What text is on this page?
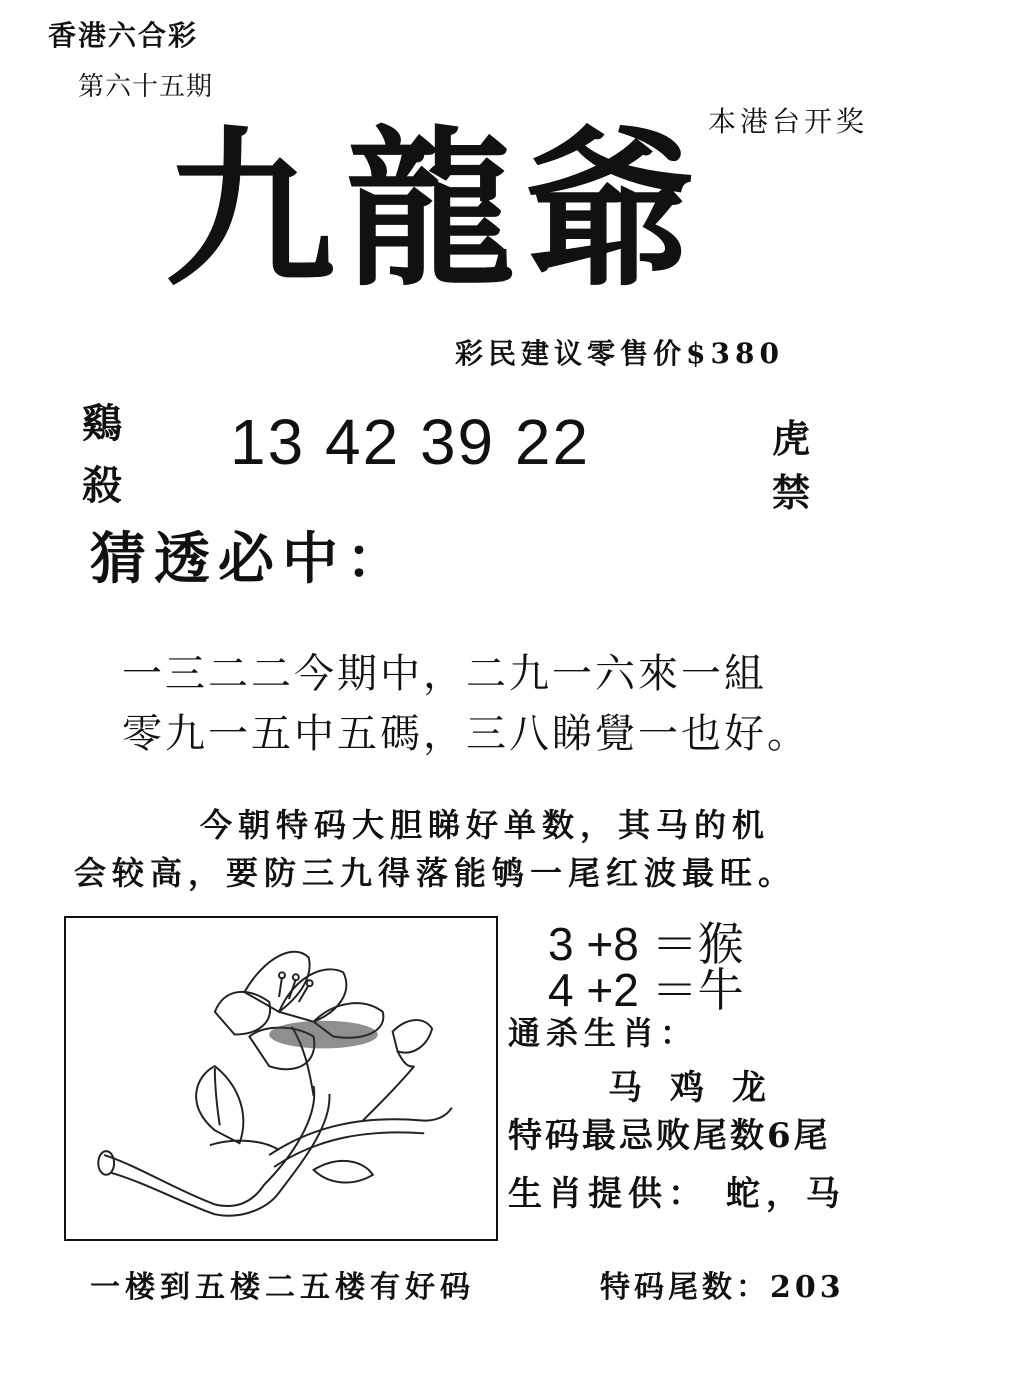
香港六合彩
第六十五期
本港台开奖
九龍爺
彩民建议零售价$380
鷄
殺
13 42 39 22	虎
禁
猜透必中：
一三二二今期中，二九一六來一組
零九一五中五碼，三八睇覺一也好。
今朝特码大胆睇好单数，其马的机
会较高，要防三九得落能鸲一尾红波最旺。
3 +8 ＝猴
4 +2 ＝牛
通杀生肖：
马鸡龙
特码最忌败尾数6尾
生肖提供： 蛇，马
一楼到五楼二五楼有好码	特码尾数：203
